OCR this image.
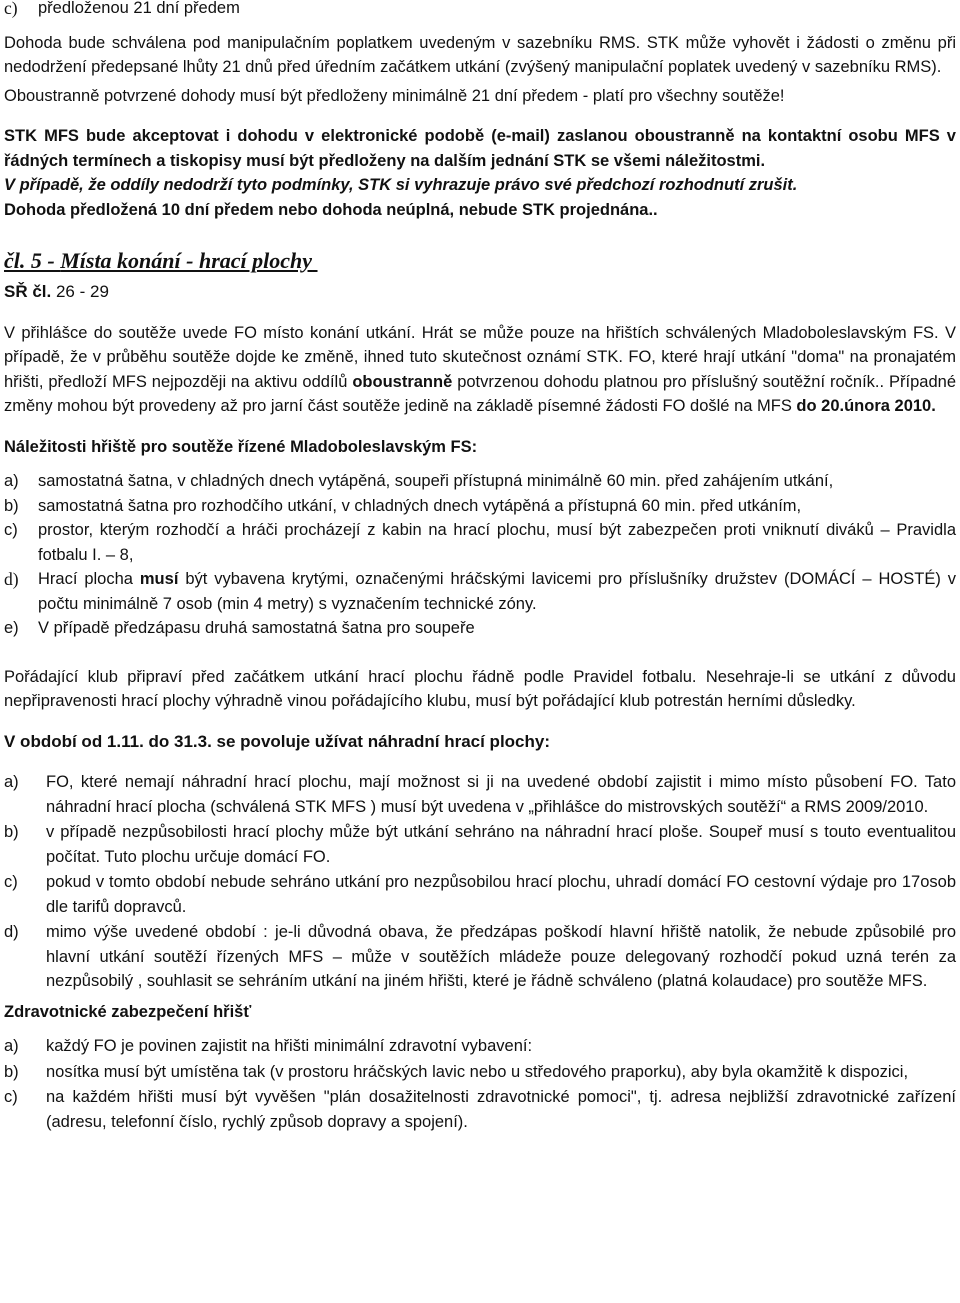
c)	předloženou 21 dní předem

Dohoda bude schválena pod manipulačním poplatkem uvedeným v sazebníku RMS. STK může vyhovět i žádosti o změnu při nedodržení předepsané lhůty 21 dnů před úředním začátkem utkání (zvýšený manipulační poplatek uvedený v sazebníku RMS).

Oboustranně potvrzené dohody musí být předloženy minimálně 21 dní předem - platí pro všechny soutěže!

STK MFS bude akceptovat i dohodu v elektronické podobě (e-mail) zaslanou oboustranně na kontaktní osobu MFS v řádných termínech a tiskopisy musí být předloženy na dalším jednání STK se všemi náležitostmi.

V případě, že oddíly nedodrží tyto podmínky, STK si vyhrazuje právo své předchozí rozhodnutí zrušit.

Dohoda předložená 10 dní předem nebo dohoda neúplná, nebude STK projednána..

čl. 5 - Místa konání - hrací plochy

SŘ čl. 26 - 29

V přihlášce do soutěže uvede FO místo konání utkání. Hrát se může pouze na hřištích schválených Mladoboleslavským FS. V případě, že v průběhu soutěže dojde ke změně, ihned tuto skutečnost oznámí STK. FO, které hrají utkání "doma" na pronajatém hřišti, předloží MFS nejpozději na aktivu oddílů oboustranně potvrzenou dohodu platnou pro příslušný soutěžní ročník.. Případné změny mohou být provedeny až pro jarní část soutěže jedině na základě písemné žádosti FO došlé na MFS do 20.února 2010.

Náležitosti hřiště pro soutěže řízené Mladoboleslavským FS:

a)	samostatná šatna, v chladných dnech vytápěná, soupeři přístupná minimálně 60 min. před zahájením utkání,
b)	samostatná šatna pro rozhodčího utkání, v chladných dnech vytápěná a přístupná 60 min. před utkáním,
c)	prostor, kterým rozhodčí a hráči procházejí z kabin na hrací plochu, musí být zabezpečen proti vniknutí diváků – Pravidla fotbalu I. – 8,
d)	Hrací plocha musí být vybavena krytými, označenými hráčskými lavicemi pro příslušníky družstev (DOMÁCÍ – HOSTÉ) v počtu minimálně 7 osob (min 4 metry) s vyznačením technické zóny.
e)	V případě předzápasu druhá samostatná šatna pro soupeře

Pořádající klub připraví před začátkem utkání hrací plochu řádně podle Pravidel fotbalu. Nesehraje-li se utkání z důvodu nepřipravenosti hrací plochy výhradně vinou pořádajícího klubu, musí být pořádající klub potrestán herními důsledky.

V období od 1.11. do 31.3. se povoluje užívat náhradní hrací plochy:

a)	FO, které nemají náhradní hrací plochu, mají možnost si ji na uvedené období zajistit i mimo místo působení FO. Tato náhradní hrací plocha (schválená STK MFS ) musí být uvedena v „přihlášce do mistrovských soutěží“ a RMS 2009/2010.
b)	v případě nezpůsobilosti hrací plochy může být utkání sehráno na náhradní hrací ploše. Soupeř musí s touto eventualitou počítat. Tuto plochu určuje domácí FO.
c)	pokud v tomto období nebude sehráno utkání pro nezpůsobilou hrací plochu, uhradí domácí FO cestovní výdaje pro 17osob dle tarifů dopravců.
d)	mimo výše uvedené období : je-li důvodná obava, že předzápas poškodí hlavní hřiště natolik, že nebude způsobilé pro hlavní utkání soutěží řízených MFS – může v soutěžích mládeže pouze delegovaný rozhodčí pokud uzná terén za nezpůsobilý , souhlasit se sehráním utkání na jiném hřišti, které je řádně schváleno (platná kolaudace) pro soutěže MFS.

Zdravotnické zabezpečení hřišť

a)	každý FO je povinen zajistit na hřišti minimální zdravotní vybavení:
b)	nosítka musí být umístěna tak (v prostoru hráčských lavic nebo u středového praporku), aby byla okamžitě k dispozici,
c)	na každém hřišti musí být vyvěšen "plán dosažitelnosti zdravotnické pomoci", tj. adresa nejbližší zdravotnické zařízení (adresu, telefonní číslo, rychlý způsob dopravy a spojení).
